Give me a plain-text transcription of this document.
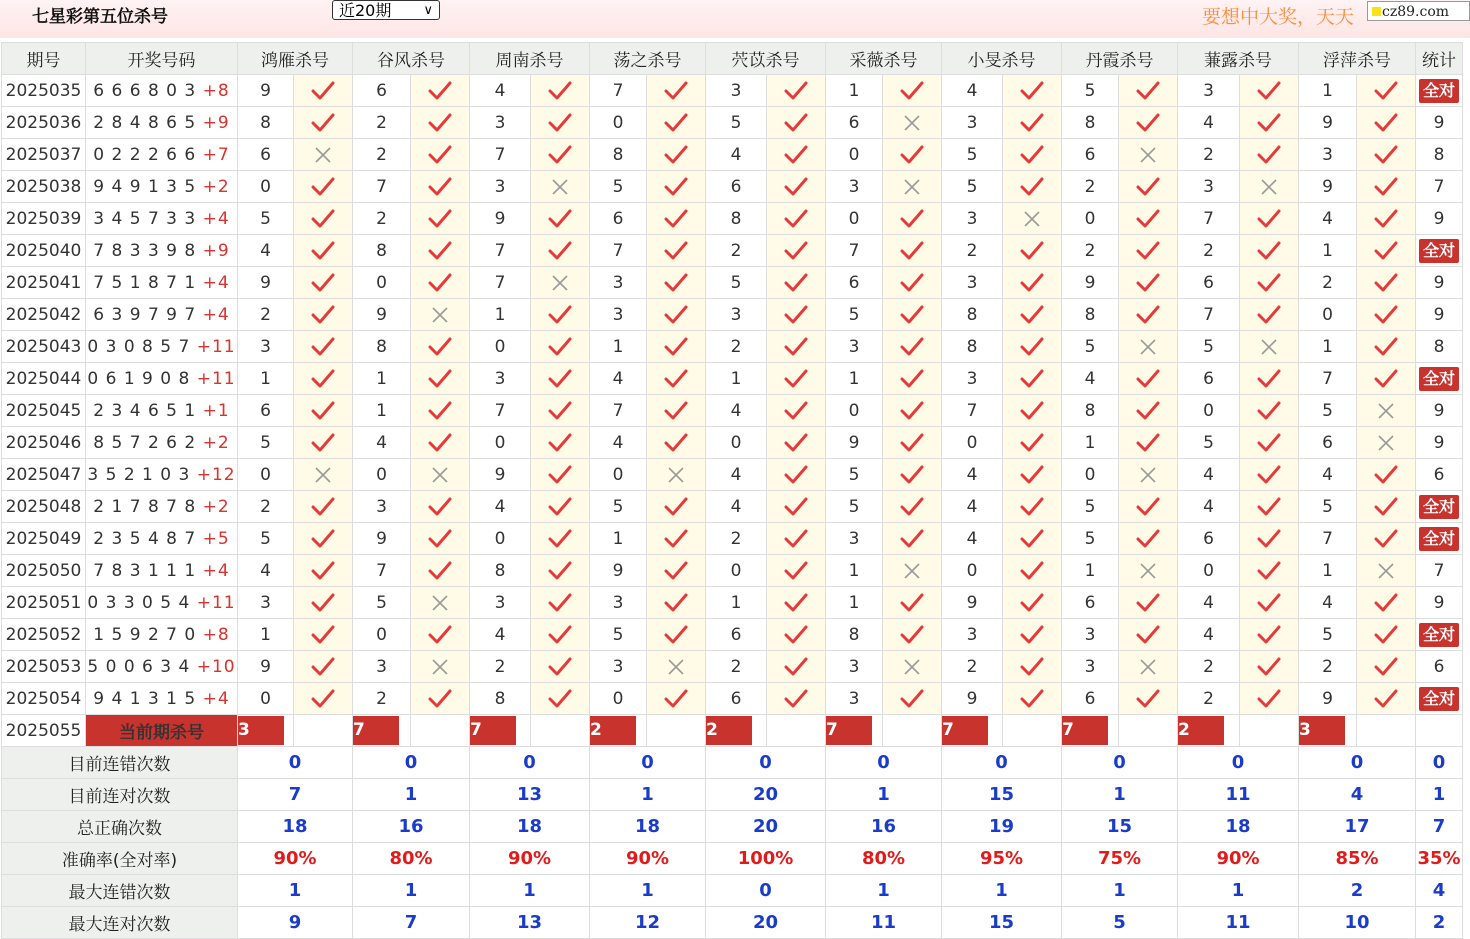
七星彩第五位杀号	近20期 ∨	要想中大奖，天天	cz89.com
期号	开奖号码	鸿雁杀号		谷风杀号		周南杀号		荡之杀号		茓苡杀号		采薇杀号		小旻杀号		丹霞杀号		蒹露杀号		浮萍杀号		统计
2025035	6 6 6 8 0 3 +8	9		6		4		7		3		1		4		5		3		1		全对
2025036	2 8 4 8 6 5 +9	8		2		3		0		5		6		3		8		4		9		9
2025037	0 2 2 2 6 6 +7	6		2		7		8		4		0		5		6		2		3		8
2025038	9 4 9 1 3 5 +2	0		7		3		5		6		3		5		2		3		9		7
2025039	3 4 5 7 3 3 +4	5		2		9		6		8		0		3		0		7		4		9
2025040	7 8 3 3 9 8 +9	4		8		7		7		2		7		2		2		2		1		全对
2025041	7 5 1 8 7 1 +4	9		0		7		3		5		6		3		9		6		2		9
2025042	6 3 9 7 9 7 +4	2		9		1		3		3		5		8		8		7		0		9
2025043	0 3 0 8 5 7 +11	3		8		0		1		2		3		8		5		5		1		8
2025044	0 6 1 9 0 8 +11	1		1		3		4		1		1		3		4		6		7		全对
2025045	2 3 4 6 5 1 +1	6		1		7		7		4		0		7		8		0		5		9
2025046	8 5 7 2 6 2 +2	5		4		0		4		0		9		0		1		5		6		9
2025047	3 5 2 1 0 3 +12	0		0		9		0		4		5		4		0		4		4		6
2025048	2 1 7 8 7 8 +2	2		3		4		5		4		5		4		5		4		5		全对
2025049	2 3 5 4 8 7 +5	5		9		0		1		2		3		4		5		6		7		全对
2025050	7 8 3 1 1 1 +4	4		7		8		9		0		1		0		1		0		1		7
2025051	0 3 3 0 5 4 +11	3		5		3		3		1		1		9		6		4		4		9
2025052	1 5 9 2 7 0 +8	1		0		4		5		6		8		3		3		4		5		全对
2025053	5 0 0 6 3 4 +10	9		3		2		3		2		3		2		3		2		2		6
2025054	9 4 1 3 1 5 +4	0		2		8		0		6		3		9		6		2		9		全对
2025055	当前期杀号	3		7		7		2		2		7		7		7		2		3		
目前连错次数		0		0		0		0		0		0		0		0		0		0		0
目前连对次数		7		1		13		1		20		1		15		1		11		4		1
总正确次数		18		16		18		18		20		16		19		15		18		17		7
准确率(全对率)		90%		80%		90%		90%		100%		80%		95%		75%		90%		85%		35%
最大连错次数		1		1		1		1		0		1		1		1		1		2		4
最大连对次数		9		7		13		12		20		11		15		5		11		10		2
